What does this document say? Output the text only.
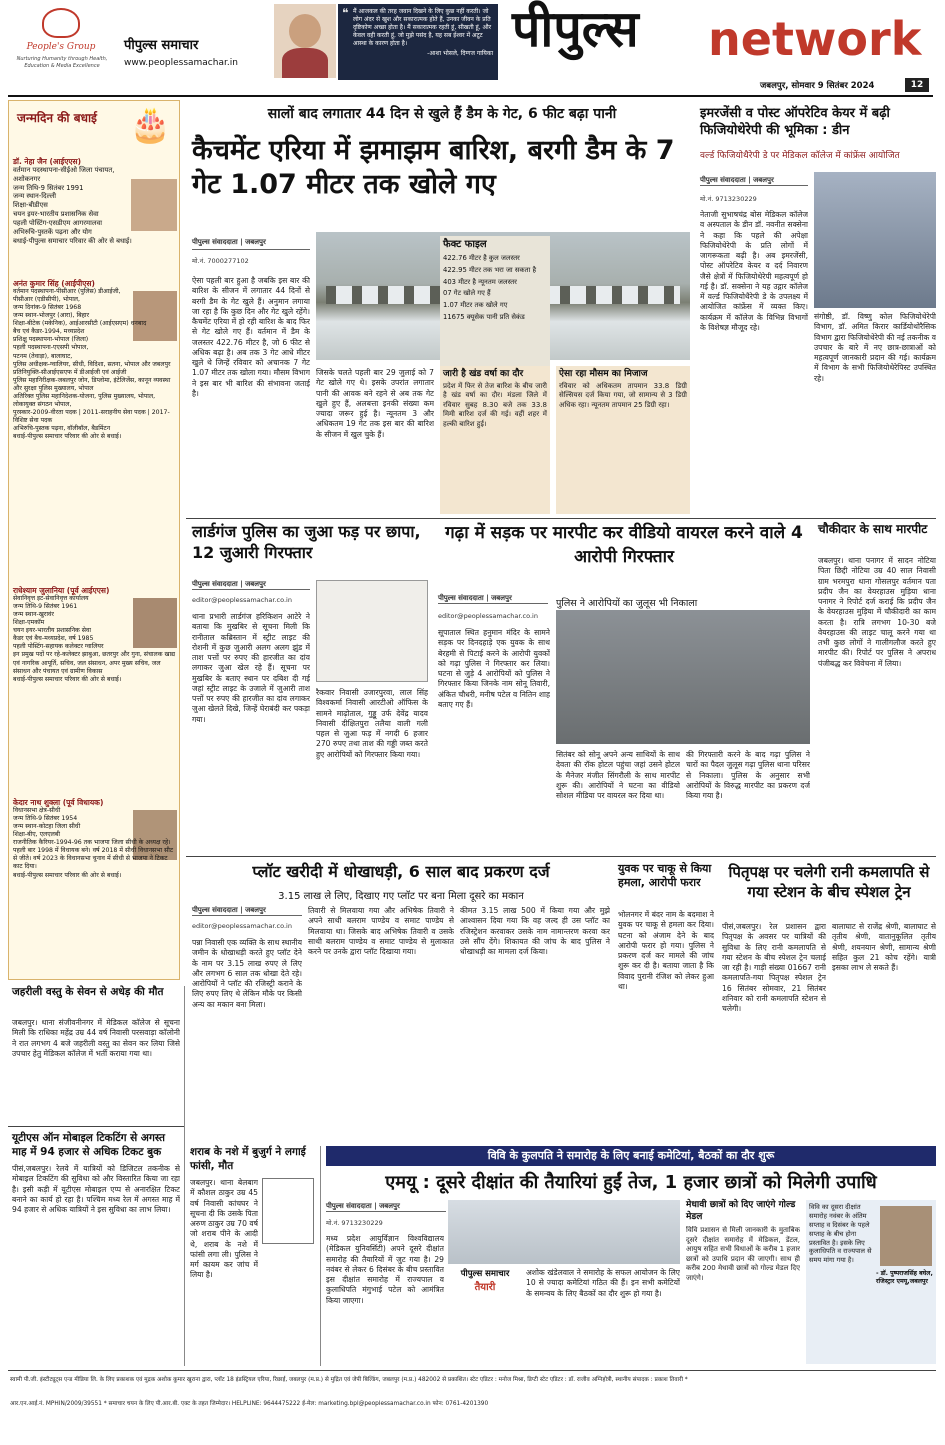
People's Group
Nurturing Humanity through Health, Education & Media Excellence
पीपुल्स समाचार
www.peoplessamachar.in
❝ मैं आजकल की तरह जवान दिखने के लिए कुछ नहीं करती। जो लोग अंदर से खुश और सकारात्मक होते हैं, उनका जीवन के प्रति दृष्टिकोण अच्छा होता है। मैं सकारात्मक रहती हूं, सीखती हूं, और केवल वही करती हूं, जो मुझे पसंद है, यह सब ईश्वर में अटूट आस्था के कारण होता है।
-आशा भोसले, दिग्गज गायिका पीपुल्स network
जबलपुर, सोमवार 9 सितंबर 2024	12
🎂
जन्मदिन की बधाई
डॉ. नेहा जैन (आईएएस)
वर्तमान पदस्थापना-सीईओ जिला पंचायत, अशोकनगर
जन्म तिथि-9 सितंबर 1991
जन्म स्थान-दिल्ली
शिक्षा-बीडीएस
चयन इयर-भारतीय प्रशासनिक सेवा
पहली पोस्टिंग-एसडीएम आगरमालवा
अभिरुचि-पुस्तकें पढ़ना और योग
बधाई-पीपुल्स समाचार परिवार की ओर से बधाई।
अनंत कुमार सिंह (आईपीएस)
वर्तमान पदस्थापना-पीसीआर (पुलिस) डीआईजी,
पीसीआर (एडीसीपी), भोपाल,
जन्म दिनांक-9 सितंबर 1968
जन्म स्थान-भोजपुर (आरा), बिहार
शिक्षा-बीटेक (मकेनिक), आईआरसीटी (आईएसएम) धनबाद
बैच एवं कैडर-1994, मध्यप्रदेश
प्रशिक्षु पदस्थापना-भोपाल (जिला)
पहली पदस्थापना-एएसपी भोपाल,
पटनम (तेवाड़ा), बालाघाट,
पुलिस अधीक्षक-ग्वालियर, सीधी, विदिशा, सतना, भोपाल और जबलपुर
प्रतिनियुक्ति-सीआईएसएफ में डीआईजी एवं आईजी
पुलिस महानिरीक्षक-जबलपुर जोन, डिप्लोमा, इंटेलिजेंस, कानून व्यवस्था और सुरक्षा पुलिस मुख्यालय, भोपाल
अतिरिक्त पुलिस महानिदेशक-योजना, पुलिस मुख्यालय, भोपाल, लोकायुक्त संगठन भोपाल,
पुरस्कार-2009-वीरता पदक | 2011-सराहनीय सेवा पदक | 2017-विशिष्ट सेवा पदक
अभिरुचि-पुस्तक पढ़ना, वॉलीबॉल, बैडमिंटन
बधाई-पीपुल्स समाचार परिवार की ओर से बधाई।
राधेश्याम जुलानिया (पूर्व आईएएस)
सेवानिवृत्त इट-सेवानिवृत्त कार्यालय
जन्म तिथि-9 सितंबर 1961
जन्म स्थान-खुरावंर
शिक्षा-एमकॉम
चयन इयर-भारतीय प्रशासनिक सेवा
कैडर एवं बैच-मध्यप्रदेश, वर्ष 1985
पहली पोस्टिंग-सहायक कलेक्टर ग्वालियर
इन प्रमुख पदों पर रहे-कलेक्टर झाबुआ, छतरपुर और गुना, संचालक खाद्य एवं नागरिक आपूर्ति, सचिव, जल संसाधन, अपर मुख्य सचिव, जल संसाधन और पंचायत एवं ग्रामीण विकास
बधाई-पीपुल्स समाचार परिवार की ओर से बधाई।
केदार नाथ शुक्ला (पूर्व विधायक)
विधानसभा क्षेत्र-सीधी
जन्म तिथि-9 सितंबर 1954
जन्म स्थान-कोटहा जिला सीधी
शिक्षा-बीए, एलएलबी
राजनीतिक कैरियर-1994-96 तक भाजपा जिला सीधी के अध्यक्ष रहे।
पहली बार 1998 में विधायक बने। वर्ष 2018 में सीधी विधानसभा सीट से जीते। वर्ष 2023 के विधानसभा चुनाव में सीधी से भाजपा ने टिकट काट दिया।
बधाई-पीपुल्स समाचार परिवार की ओर से बधाई।
सालों बाद लगातार 44 दिन से खुले हैं डैम के गेट, 6 फीट बढ़ा पानी
कैचमेंट एरिया में झमाझम बारिश, बरगी डैम के 7 गेट 1.07 मीटर तक खोले गए
पीपुल्स संवाददाता | जबलपुर
मो.नं. 7000277102
ऐसा पहली बार हुआ है जबकि इस बार की बारिश के सीजन में लगातार 44 दिनों से बरगी डैम के गेट खुले हैं। अनुमान लगाया जा रहा है कि कुछ दिन और गेट खुले रहेंगे। कैचमेंट एरिया में हो रही बारिश के बाद फिर से गेट खोले गए हैं। वर्तमान में डैम के जलस्तर 422.76 मीटर है, जो 6 फीट से अधिक बढ़ा है। अब तक 3 गेट आधे मीटर खुले थे जिन्हें रविवार को अचानक 7 गेट 1.07 मीटर तक खोला गया। मौसम विभाग ने इस बार भी बारिश की संभावना जताई है।
जिसके चलते पहली बार 29 जुलाई को 7 गेट खोले गए थे। इसके उपरांत लगातार पानी की आवक बने रहने से अब तक गेट खुले हुए हैं, अलबत्ता इनकी संख्या कम ज्यादा जरूर हुई है। न्यूनतम 3 और अधिकतम 19 गेट तक इस बार की बारिश के सीजन में खुल चुके हैं।
फैक्ट फाइल
422.76 मीटर है कुल जलस्तर
422.95 मीटर तक भरा जा सकता है
403 मीटर है न्यूनतम जलस्तर
07 गेट खोले गए हैं
1.07 मीटर तक खोले गए
11675 क्यूसेक पानी प्रति सेकंड
जारी है खंड वर्षा का दौर
प्रदेश में फिर से तेज बारिश के बीच जारी है खंड वर्षा का दौर। मंडला जिले में रविवार सुबह 8.30 बजे तक 33.8 मिमी बारिश दर्ज की गई। वहीं शहर में हल्की बारिश हुई।
ऐसा रहा मौसम का मिजाज
रविवार को अधिकतम तापमान 33.8 डिग्री सेल्सियस दर्ज किया गया, जो सामान्य से 3 डिग्री अधिक रहा। न्यूनतम तापमान 25 डिग्री रहा।
इमरजेंसी व पोस्ट ऑपरेटिव केयर में बढ़ी फिजियोथेरेपी की भूमिका : डीन
वर्ल्ड फिजियोथैरेपी डे पर मेडिकल कॉलेज में कांफ्रेंस आयोजित
पीपुल्स संवाददाता | जबलपुर
मो.नं. 9713230229
नेताजी सुभाषचंद्र बोस मेडिकल कॉलेज व अस्पताल के डीन डॉ. नवनीत सक्सेना ने कहा कि पहले की अपेक्षा फिजियोथेरेपी के प्रति लोगों में जागरूकता बढ़ी है। अब इमरजेंसी, पोस्ट ऑपरेटिव केयर व दर्द निवारण जैसे क्षेत्रों में फिजियोथेरेपी महत्वपूर्ण हो गई है। डॉ. सक्सेना ने यह उद्गार कॉलेज में वर्ल्ड फिजियोथैरेपी डे के उपलक्ष्य में आयोजित कांफ्रेंस में व्यक्त किए। कार्यक्रम में कॉलेज के विभिन्न विभागों के विशेषज्ञ मौजूद रहे।
संगोष्ठी, डॉ. विष्णु कोल फिजियोथेरेपी विभाग, डॉ. अमित किरार कार्डियोथोरैसिक विभाग द्वारा फिजियोथेरेपी की नई तकनीक व उपचार के बारे में नए छात्र-छात्राओं को महत्वपूर्ण जानकारी प्रदान की गई। कार्यक्रम में विभाग के सभी फिजियोथेरेपिस्ट उपस्थित रहे।
लार्डगंज पुलिस का जुआ फड़ पर छापा, 12 जुआरी गिरफ्तार
पीपुल्स संवाददाता | जबलपुर
editor@peoplessamachar.co.in
थाना प्रभारी लार्डगंज हरिकिशन आटेरे ने बताया कि मुखबिर से सूचना मिली कि रानीताल कब्रिस्तान में स्ट्रीट लाइट की रोशनी में कुछ जुआरी अलग अलग झुंड में ताश पत्तों पर रुपए की हारजीत का दांव लगाकर जुआ खेल रहे हैं। सूचना पर मुखबिर के बताए स्थान पर दबिश दी गई जहां स्ट्रीट लाइट के उजाले में जुआरी ताश पत्तों पर रुपए की हारजीत का दांव लगाकर जुआ खेलते दिखे, जिन्हें घेराबंदी कर पकड़ा गया।
रैकवार निवासी उजारपुरवा, लाल सिंह विश्वकर्मा निवासी आरटीओ ऑफिस के सामने माढ़ोताल, गुड्डू उर्फ देवेंद्र यादव निवासी दीक्षितपुरा तलैया वाली गली पहल से जुआ फड़ में नगदी 6 हजार 270 रुपए तथा ताश की गड्डी जब्त करते हुए आरोपियों को गिरफ्तार किया गया।
गढ़ा में सड़क पर मारपीट कर वीडियो वायरल करने वाले 4 आरोपी गिरफ्तार
पीपुल्स संवाददाता | जबलपुर	पुलिस ने आरोपियों का जुलूस भी निकाला
editor@peoplessamachar.co.in
सूपाताल स्थित हनुमान मंदिर के सामने सड़क पर दिनदहाड़े एक युवक के साथ बेरहमी से पिटाई करने के आरोपी युवकों को गढ़ा पुलिस ने गिरफ्तार कर लिया। घटना से जुड़े 4 आरोपियों को पुलिस ने गिरफ्तार किया जिनके नाम सोनू तिवारी, अंकित चौधरी, मनीष पटेल व नितिन शाह बताए गए हैं।
सितंबर को सोनू अपने अन्य साथियों के साथ देवता की रॉक होटल पहुंचा जहां उसने होटल के मैनेजर मंजीत सिंगरौली के साथ मारपीट शुरू की। आरोपियों ने घटना का वीडियो सोशल मीडिया पर वायरल कर दिया था।
की गिरफ्तारी करने के बाद गढ़ा पुलिस ने चारों का पैदल जुलूस गढ़ा पुलिस थाना परिसर से निकाला। पुलिस के अनुसार सभी आरोपियों के विरुद्ध मारपीट का प्रकरण दर्ज किया गया है।
चौकीदार के साथ मारपीट
जबलपुर। थाना पनागर में सादन नोटिया पिता छिद्दी नोटिया उम्र 40 साल निवासी ग्राम भरमपुरा थाना गोसलपुर वर्तमान पता प्रदीप जैन का वेयरहाउस मुड़िया धाना पनागर ने रिपोर्ट दर्ज कराई कि प्रदीप जैन के वेयरहाउस मुड़िया में चौकीदारी का काम करता है। रात्रि लगभग 10-30 बजे वेयरहाउस की लाइट चालू करने गया था तभी कुछ लोगों ने गालीगलौज करते हुए मारपीट की। रिपोर्ट पर पुलिस ने अपराध पंजीबद्ध कर विवेचना में लिया।
प्लॉट खरीदी में धोखाधड़ी, 6 साल बाद प्रकरण दर्ज
3.15 लाख ले लिए, दिखाए गए प्लॉट पर बना मिला दूसरे का मकान
पीपुल्स संवाददाता | जबलपुर
editor@peoplessamachar.co.in
पन्ना निवासी एक व्यक्ति के साथ स्थानीय जमीन के धोखाधड़ी करते हुए प्लॉट देने के नाम पर 3.15 लाख रुपए ले लिए और लगभग 6 साल तक धोखा देते रहे। आरोपियों ने प्लॉट की रजिस्ट्री कराने के लिए रुपए लिए थे लेकिन मौके पर किसी अन्य का मकान बना मिला।
तिवारी से मिलवाया गया और अभिषेक तिवारी ने अपने साथी बलराम पाण्डेय व समाट पाण्डेय से मिलवाया था। जिसके बाद अभिषेक तिवारी व उसके साथी बलराम पाण्डेय व समाट पाण्डेय से मुलाकात करने पर उनके द्वारा प्लॉट दिखाया गया।
कीमत 3.15 लाख 500 में किया गया और मुझे आश्वासन दिया गया कि वह जल्द ही उस प्लॉट का रजिस्ट्रेशन करवाकर उसके नाम नामान्तरण करवा कर उसे सौंप देंगे। शिकायत की जांच के बाद पुलिस ने धोखाधड़ी का मामला दर्ज किया।
युवक पर चाकू से किया हमला, आरोपी फरार
भोलनगर में बंदर नाम के बदमाश ने युवक पर चाकू से हमला कर दिया। घटना को अंजाम देने के बाद आरोपी फरार हो गया। पुलिस ने प्रकरण दर्ज कर मामले की जांच शुरू कर दी है। बताया जाता है कि विवाद पुरानी रंजिश को लेकर हुआ था।
पितृपक्ष पर चलेगी रानी कमलापति से गया स्टेशन के बीच स्पेशल ट्रेन
पीसं,जबलपुर। रेल प्रशासन द्वारा पितृपक्ष के अवसर पर यात्रियों की सुविधा के लिए रानी कमलापति से गया स्टेशन के बीच स्पेशल ट्रेन चलाई जा रही है। गाड़ी संख्या 01667 रानी कमलापति-गया पितृपक्ष स्पेशल ट्रेन 16 सितंबर सोमवार, 21 सितंबर शनिवार को रानी कमलापति स्टेशन से चलेगी।
बालाघाट से राजेंद्र श्रेणी, बालाघाट से तृतीय श्रेणी, वातानुकूलित तृतीय श्रेणी, शयनयान श्रेणी, सामान्य श्रेणी सहित कुल 21 कोच रहेंगे। यात्री इसका लाभ ले सकते हैं।
जहरीली वस्तु के सेवन से अधेड़ की मौत
जबलपुर। थाना संजीवनीनगर में मेडिकल कॉलेज से सूचना मिली कि राधिका महेंद्र उम्र 44 वर्ष निवासी परसवाड़ा कॉलोनी ने रात लगभग 4 बजे जहरीली वस्तु का सेवन कर लिया जिसे उपचार हेतु मेडिकल कॉलेज में भर्ती कराया गया था।
यूटीएस ऑन मोबाइल टिकटिंग से अगस्त माह में 94 हजार से अधिक टिकट बुक
पीसं,जबलपुर। रेलवे में यात्रियों को डिजिटल तकनीक से मोबाइल टिकटिंग की सुविधा को और विस्तारित किया जा रहा है। इसी कड़ी में यूटीएस मोबाइल एप्प से अनारक्षित टिकट बनाने का कार्य हो रहा है। पश्चिम मध्य रेल में अगस्त माह में 94 हजार से अधिक यात्रियों ने इस सुविधा का लाभ लिया।
शराब के नशे में बुजुर्ग ने लगाई फांसी, मौत
जबलपुर। थाना बेलबाग में कौशल ठाकुर उम्र 45 वर्ष निवासी कांचघर ने सूचना दी कि उसके पिता अरुण ठाकुर उम्र 70 वर्ष जो शराब पीने के आदी थे, शराब के नशे में फांसी लगा ली। पुलिस ने मर्ग कायम कर जांच में लिया है।
विवि के कुलपति ने समारोह के लिए बनाई कमेटियां, बैठकों का दौर शुरू
एमयू : दूसरे दीक्षांत की तैयारियां हुईं तेज, 1 हजार छात्रों को मिलेगी उपाधि
पीपुल्स संवाददाता | जबलपुर
मो.नं. 9713230229
मध्य प्रदेश आयुर्विज्ञान विश्वविद्यालय (मेडिकल युनिवर्सिटी) अपने दूसरे दीक्षांत समारोह की तैयारियों में जुट गया है। 29 नवंबर से लेकर 6 दिसंबर के बीच प्रस्तावित इस दीक्षांत समारोह में राज्यपाल व कुलाधिपति मंगुभाई पटेल को आमंत्रित किया जाएगा।
पीपुल्स समाचार
तैयारी
अशोक खंडेलवाल ने समारोह के सफल आयोजन के लिए 10 से ज्यादा कमेटियां गठित की हैं। इन सभी कमेटियों के समन्वय के लिए बैठकों का दौर शुरू हो गया है।
मेधावी छात्रों को दिए जाएंगे गोल्ड मेडल
विवि प्रशासन से मिली जानकारी के मुताबिक दूसरे दीक्षांत समारोह में मेडिकल, डेंटल, आयुष सहित सभी विधाओं के करीब 1 हजार छात्रों को उपाधि प्रदान की जाएगी। साथ ही करीब 200 मेधावी छात्रों को गोल्ड मेडल दिए जाएंगे।
विवि का दूसरा दीक्षांत समारोह नवंबर के अंतिम सप्ताह व दिसंबर के पहले सप्ताह के बीच होना प्रस्तावित है। इसके लिए कुलाधिपति व राज्यपाल से समय मांगा गया है।
- डॉ. पुष्पराजसिंह बघेल, रजिस्ट्रार एमयू,जबलपुर
स्वामी पी.जी. इंस्टीट्यूट्स एन्ड मीडिया लि. के लिए प्रकाशक एवं मुद्रक अशोक कुमार खुराना द्वारा, प्लॉट 18 इंडस्ट्रियल एरिया, रिछाई, जबलपुर (म.प्र.) से मुद्रित एवं जेपी बिल्डिंग, जबलपुर (म.प्र.) 482002 से प्रकाशित। स्टेट एडिटर : मनोज मिश्रा, डिप्टी स्टेट एडिटर : डॉ. राजीव अग्निहोत्री, स्थानीय संपादक : प्रकाश तिवारी *
आर.एन.आई.नं. MPHIN/2009/39551 * समाचार चयन के लिए पी.आर.बी. एक्ट के तहत जिम्मेदार। HELPLINE: 9644475222 ई-मेल: marketing.bpl@peoplessamachar.co.in फोन: 0761-4201390
